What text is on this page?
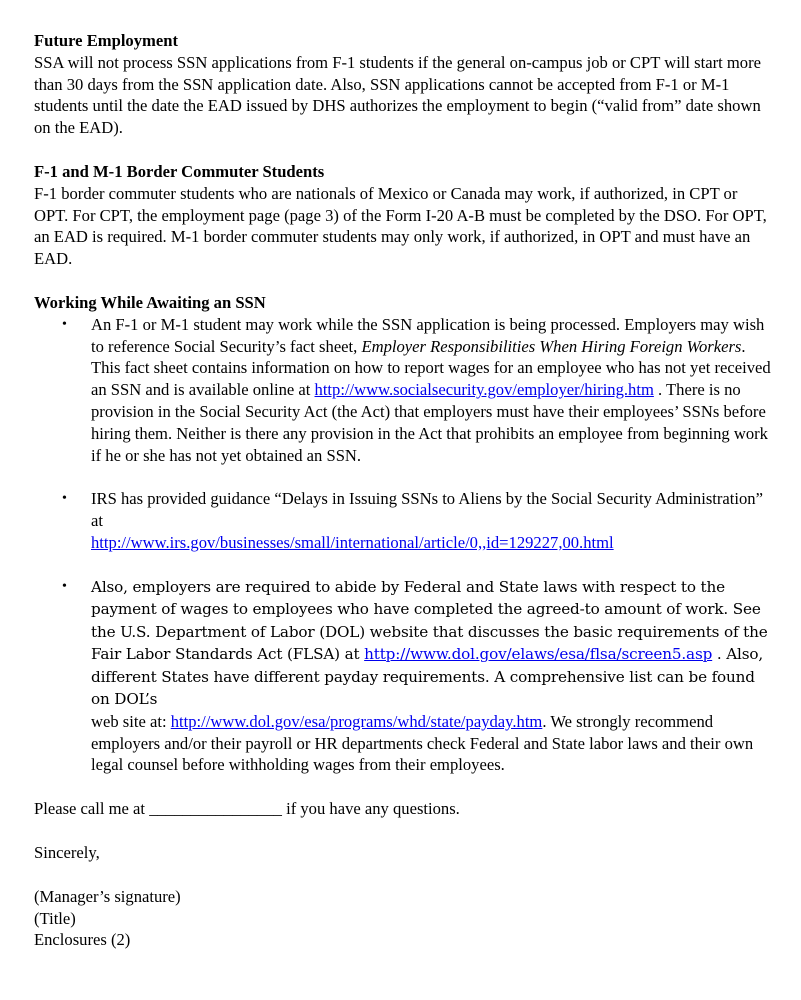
Future Employment

SSA will not process SSN applications from F-1 students if the general on-campus job or CPT will start more than 30 days from the SSN application date. Also, SSN applications cannot be accepted from F-1 or M-1 students until the date the EAD issued by DHS authorizes the employment to begin (“valid from” date shown on the EAD).

F-1 and M-1 Border Commuter Students

F-1 border commuter students who are nationals of Mexico or Canada may work, if authorized, in CPT or OPT. For CPT, the employment page (page 3) of the Form I-20 A-B must be completed by the DSO. For OPT, an EAD is required. M-1 border commuter students may only work, if authorized, in OPT and must have an EAD.

Working While Awaiting an SSN

• An F-1 or M-1 student may work while the SSN application is being processed. Employers may wish to reference Social Security’s fact sheet, Employer Responsibilities When Hiring Foreign Workers. This fact sheet contains information on how to report wages for an employee who has not yet received an SSN and is available online at http://www.socialsecurity.gov/employer/hiring.htm . There is no provision in the Social Security Act (the Act) that employers must have their employees’ SSNs before hiring them. Neither is there any provision in the Act that prohibits an employee from beginning work if he or she has not yet obtained an SSN.

• IRS has provided guidance “Delays in Issuing SSNs to Aliens by the Social Security Administration” at
http://www.irs.gov/businesses/small/international/article/0,,id=129227,00.html

• Also, employers are required to abide by Federal and State laws with respect to the payment of wages to employees who have completed the agreed-to amount of work. See the U.S. Department of Labor (DOL) website that discusses the basic requirements of the Fair Labor Standards Act (FLSA) at http://www.dol.gov/elaws/esa/flsa/screen5.asp . Also, different States have different payday requirements. A comprehensive list can be found on DOL’s
web site at: http://www.dol.gov/esa/programs/whd/state/payday.htm. We strongly recommend employers and/or their payroll or HR departments check Federal and State labor laws and their own legal counsel before withholding wages from their employees.

Please call me at ________________ if you have any questions.

Sincerely,

(Manager’s signature)

(Title)

Enclosures (2)
